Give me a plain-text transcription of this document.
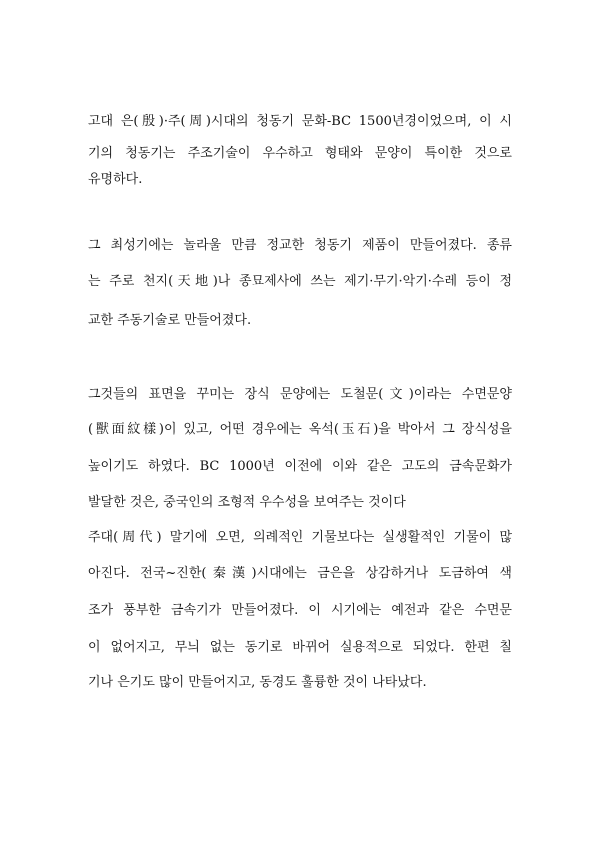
고대 은(殷)·주(周)시대의 청동기 문화-BC 1500년경이었으며, 이 시
기의 청동기는 주조기술이 우수하고 형태와 문양이 특이한 것으로
유명하다.
그 최성기에는 놀라울 만큼 정교한 청동기 제품이 만들어졌다. 종류
는 주로 천지(天地)나 종묘제사에 쓰는 제기·무기·악기·수레 등이 정
교한 주동기술로 만들어졌다.
그것들의 표면을 꾸미는 장식 문양에는 도철문(文)이라는 수면문양
(獸面紋樣)이 있고, 어떤 경우에는 옥석(玉石)을 박아서 그 장식성을
높이기도 하였다. BC 1000년 이전에 이와 같은 고도의 금속문화가
발달한 것은, 중국인의 조형적 우수성을 보여주는 것이다
주대(周代) 말기에 오면, 의례적인 기물보다는 실생활적인 기물이 많
아진다. 전국~진한(秦漢)시대에는 금은을 상감하거나 도금하여 색
조가 풍부한 금속기가 만들어졌다. 이 시기에는 예전과 같은 수면문
이 없어지고, 무늬 없는 동기로 바뀌어 실용적으로 되었다. 한편 칠
기나 은기도 많이 만들어지고, 동경도 훌륭한 것이 나타났다.
